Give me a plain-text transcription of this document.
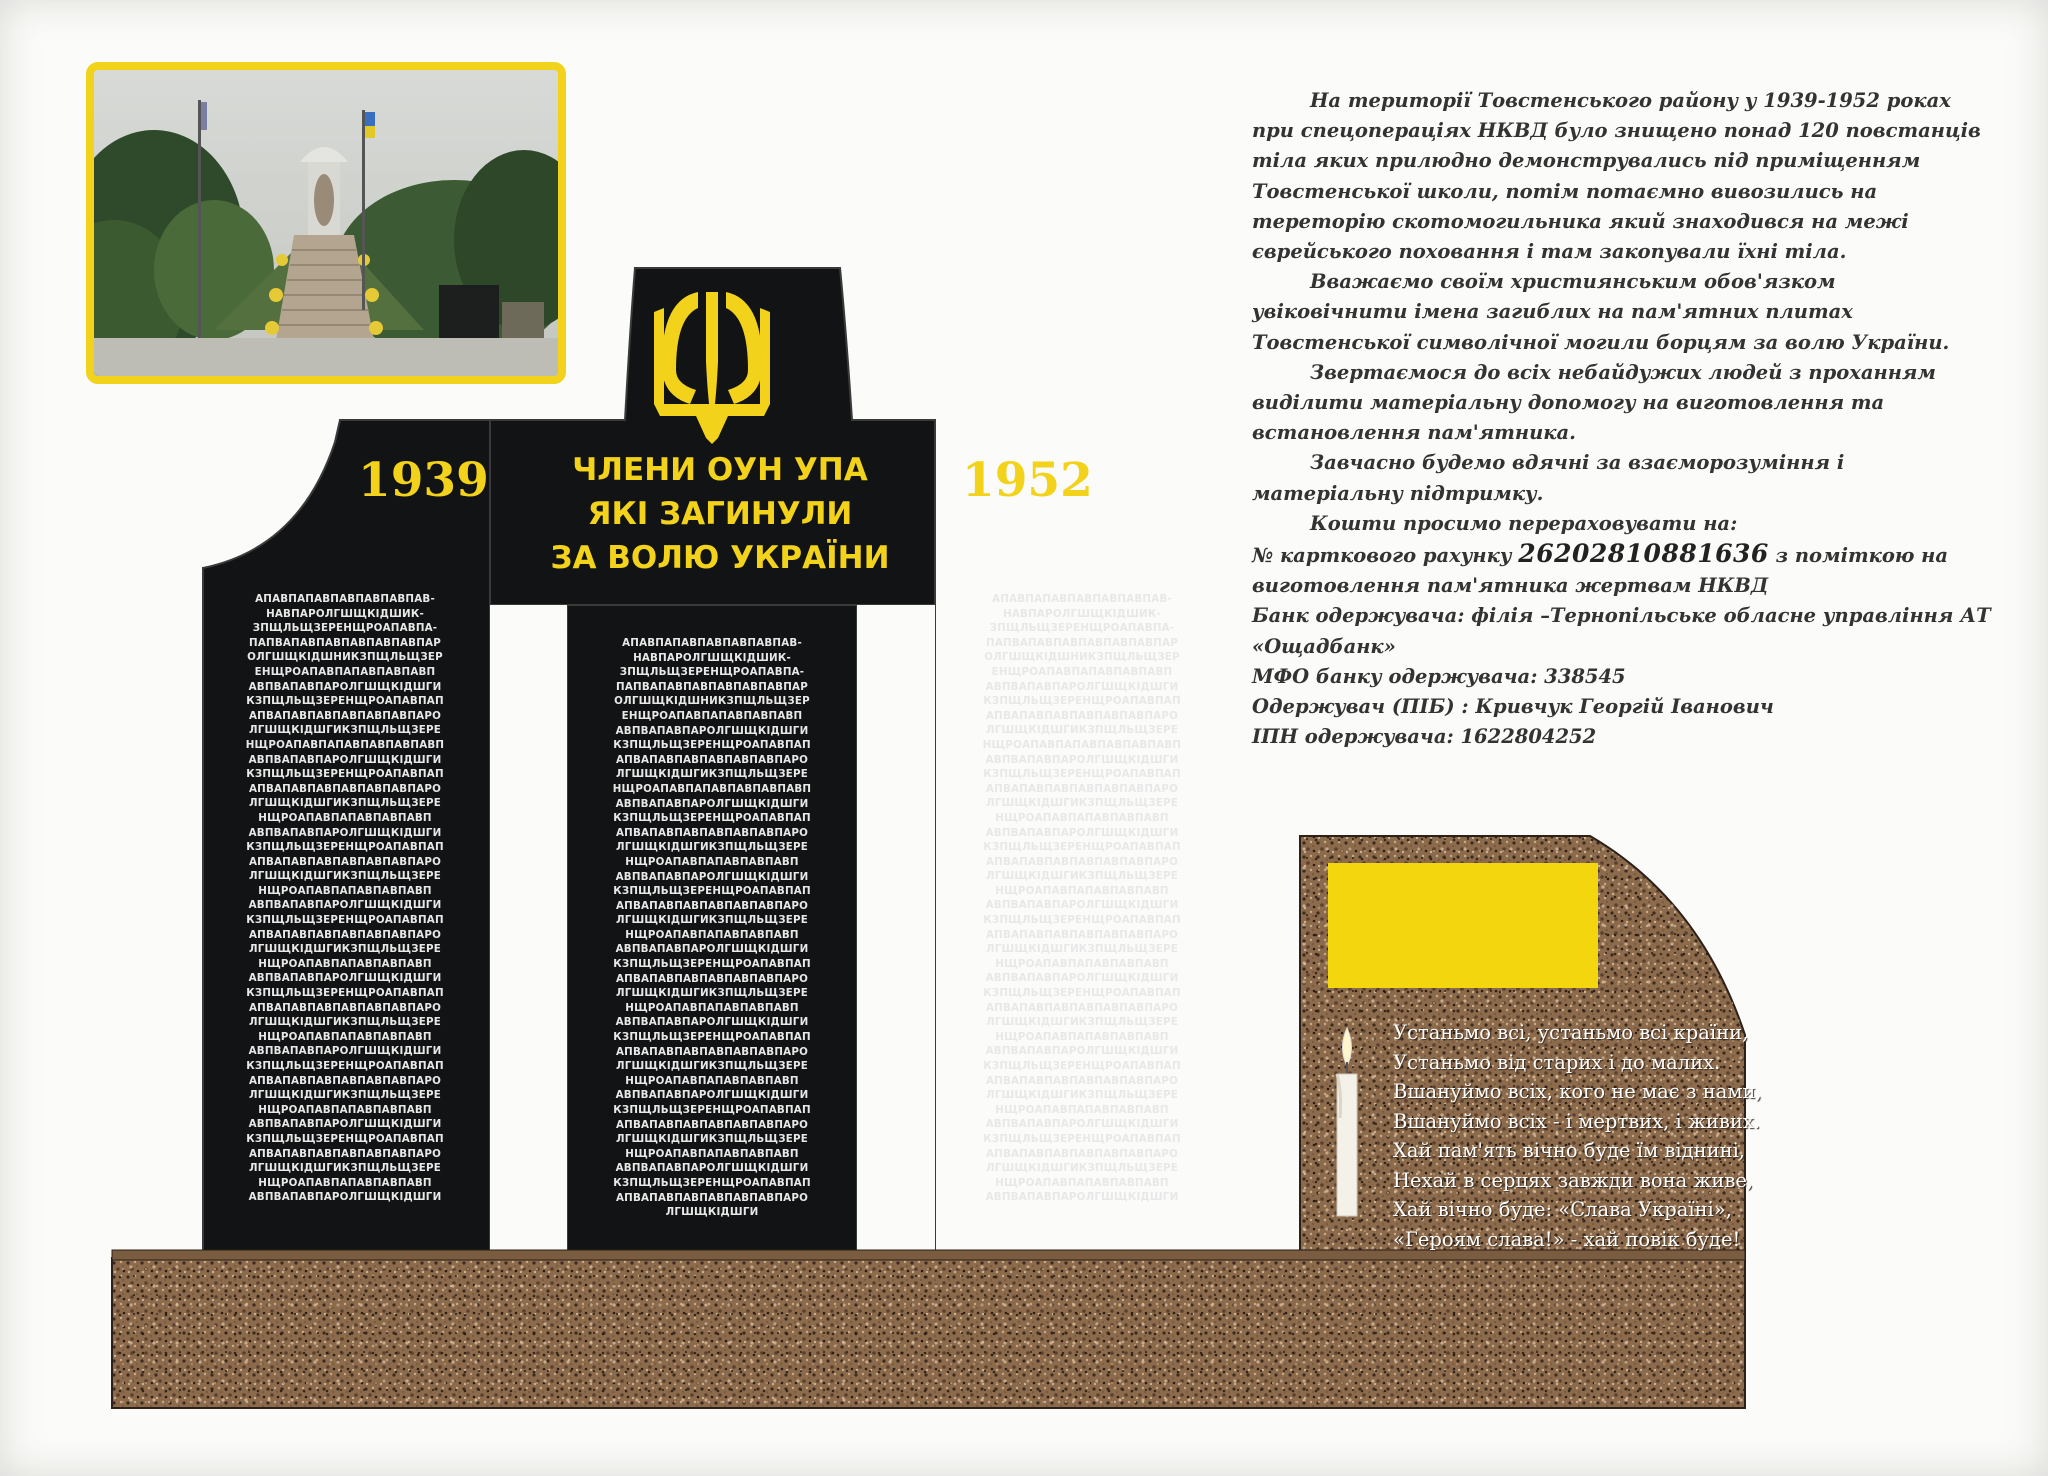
На території Товстенського району у 1939-1952 роках при спецопераціях НКВД було знищено понад 120 повстанців тіла яких прилюдно демонструвались під приміщенням Товстенської школи, потім потаємно вивозились на тереторію скотомогильника який знаходився на межі єврейського поховання і там закопували їхні тіла.

Вважаємо своїм християнським обов'язком увіковічнити імена загиблих на пам'ятних плитах Товстенської символічної могили борцям за волю України.

Звертаємося до всіх небайдужих людей з проханням виділити матеріальну допомогу на виготовлення та встановлення пам'ятника.

Завчасно будемо вдячні за взаєморозуміння і матеріальну підтримку.

Кошти просимо перераховувати на:

№ карткового рахунку 26202810881636 з поміткою на

виготовлення пам'ятника жертвам НКВД

Банк одержувача: філія –Тернопільське обласне управління АТ

«Ощадбанк»

МФО банку одержувача: 338545

Одержувач (ПІБ) : Кривчук Георгій Іванович

ІПН одержувача: 1622804252

1939	1952
ЧЛЕНИ ОУН УПА
ЯКІ ЗАГИНУЛИ
ЗА ВОЛЮ УКРАЇНИ
АПАВПАПАВПАВПАВПАВПАВ-
НАВПАРОЛГШЩКІДШИК-
ЗПЩЛЬЩЗЕРЕНЩРОАПАВПА-
ПАПВАПАВПАВПАВПАВПАВПАР
ОЛГШЩКІДШНИКЗПЩЛЬЩЗЕР
ЕНЩРОАПАВПАПАВПАВПАВП
АВПВАПАВПАРОЛГШЩКІДШГИ
КЗПЩЛЬЩЗЕРЕНЩРОАПАВПАП
АПВАПАВПАВПАВПАВПАВПАРО
ЛГШЩКІДШГИКЗПЩЛЬЩЗЕРЕ
НЩРОАПАВПАПАВПАВПАВПАВП
АВПВАПАВПАРОЛГШЩКІДШГИ
КЗПЩЛЬЩЗЕРЕНЩРОАПАВПАП
АПВАПАВПАВПАВПАВПАВПАРО
ЛГШЩКІДШГИКЗПЩЛЬЩЗЕРЕ
НЩРОАПАВПАПАВПАВПАВП
АВПВАПАВПАРОЛГШЩКІДШГИ
КЗПЩЛЬЩЗЕРЕНЩРОАПАВПАП
АПВАПАВПАВПАВПАВПАВПАРО
ЛГШЩКІДШГИКЗПЩЛЬЩЗЕРЕ
НЩРОАПАВПАПАВПАВПАВП
АВПВАПАВПАРОЛГШЩКІДШГИ
КЗПЩЛЬЩЗЕРЕНЩРОАПАВПАП
АПВАПАВПАВПАВПАВПАВПАРО
ЛГШЩКІДШГИКЗПЩЛЬЩЗЕРЕ
НЩРОАПАВПАПАВПАВПАВП
АВПВАПАВПАРОЛГШЩКІДШГИ
КЗПЩЛЬЩЗЕРЕНЩРОАПАВПАП
АПВАПАВПАВПАВПАВПАВПАРО
ЛГШЩКІДШГИКЗПЩЛЬЩЗЕРЕ
НЩРОАПАВПАПАВПАВПАВП
АВПВАПАВПАРОЛГШЩКІДШГИ
КЗПЩЛЬЩЗЕРЕНЩРОАПАВПАП
АПВАПАВПАВПАВПАВПАВПАРО
ЛГШЩКІДШГИКЗПЩЛЬЩЗЕРЕ
НЩРОАПАВПАПАВПАВПАВП
АВПВАПАВПАРОЛГШЩКІДШГИ
КЗПЩЛЬЩЗЕРЕНЩРОАПАВПАП
АПВАПАВПАВПАВПАВПАВПАРО
ЛГШЩКІДШГИКЗПЩЛЬЩЗЕРЕ
НЩРОАПАВПАПАВПАВПАВП
АВПВАПАВПАРОЛГШЩКІДШГИ
АПАВПАПАВПАВПАВПАВПАВ-
НАВПАРОЛГШЩКІДШИК-
ЗПЩЛЬЩЗЕРЕНЩРОАПАВПА-
ПАПВАПАВПАВПАВПАВПАВПАР
ОЛГШЩКІДШНИКЗПЩЛЬЩЗЕР
ЕНЩРОАПАВПАПАВПАВПАВП
АВПВАПАВПАРОЛГШЩКІДШГИ
КЗПЩЛЬЩЗЕРЕНЩРОАПАВПАП
АПВАПАВПАВПАВПАВПАВПАРО
ЛГШЩКІДШГИКЗПЩЛЬЩЗЕРЕ
НЩРОАПАВПАПАВПАВПАВПАВП
АВПВАПАВПАРОЛГШЩКІДШГИ
КЗПЩЛЬЩЗЕРЕНЩРОАПАВПАП
АПВАПАВПАВПАВПАВПАВПАРО
ЛГШЩКІДШГИКЗПЩЛЬЩЗЕРЕ
НЩРОАПАВПАПАВПАВПАВП
АВПВАПАВПАРОЛГШЩКІДШГИ
КЗПЩЛЬЩЗЕРЕНЩРОАПАВПАП
АПВАПАВПАВПАВПАВПАВПАРО
ЛГШЩКІДШГИКЗПЩЛЬЩЗЕРЕ
НЩРОАПАВПАПАВПАВПАВП
АВПВАПАВПАРОЛГШЩКІДШГИ
КЗПЩЛЬЩЗЕРЕНЩРОАПАВПАП
АПВАПАВПАВПАВПАВПАВПАРО
ЛГШЩКІДШГИКЗПЩЛЬЩЗЕРЕ
НЩРОАПАВПАПАВПАВПАВП
АВПВАПАВПАРОЛГШЩКІДШГИ
КЗПЩЛЬЩЗЕРЕНЩРОАПАВПАП
АПВАПАВПАВПАВПАВПАВПАРО
ЛГШЩКІДШГИКЗПЩЛЬЩЗЕРЕ
НЩРОАПАВПАПАВПАВПАВП
АВПВАПАВПАРОЛГШЩКІДШГИ
КЗПЩЛЬЩЗЕРЕНЩРОАПАВПАП
АПВАПАВПАВПАВПАВПАВПАРО
ЛГШЩКІДШГИКЗПЩЛЬЩЗЕРЕ
НЩРОАПАВПАПАВПАВПАВП
АВПВАПАВПАРОЛГШЩКІДШГИ
КЗПЩЛЬЩЗЕРЕНЩРОАПАВПАП
АПВАПАВПАВПАВПАВПАВПАРО
ЛГШЩКІДШГИ
АПАВПАПАВПАВПАВПАВПАВ-
НАВПАРОЛГШЩКІДШИК-
ЗПЩЛЬЩЗЕРЕНЩРОАПАВПА-
ПАПВАПАВПАВПАВПАВПАВПАР
ОЛГШЩКІДШНИКЗПЩЛЬЩЗЕР
ЕНЩРОАПАВПАПАВПАВПАВП
АВПВАПАВПАРОЛГШЩКІДШГИ
КЗПЩЛЬЩЗЕРЕНЩРОАПАВПАП
АПВАПАВПАВПАВПАВПАВПАРО
ЛГШЩКІДШГИКЗПЩЛЬЩЗЕРЕ
НЩРОАПАВПАПАВПАВПАВПАВП
АВПВАПАВПАРОЛГШЩКІДШГИ
КЗПЩЛЬЩЗЕРЕНЩРОАПАВПАП
АПВАПАВПАВПАВПАВПАВПАРО
ЛГШЩКІДШГИКЗПЩЛЬЩЗЕРЕ
НЩРОАПАВПАПАВПАВПАВП
АВПВАПАВПАРОЛГШЩКІДШГИ
КЗПЩЛЬЩЗЕРЕНЩРОАПАВПАП
АПВАПАВПАВПАВПАВПАВПАРО
ЛГШЩКІДШГИКЗПЩЛЬЩЗЕРЕ
НЩРОАПАВПАПАВПАВПАВП
АВПВАПАВПАРОЛГШЩКІДШГИ
КЗПЩЛЬЩЗЕРЕНЩРОАПАВПАП
АПВАПАВПАВПАВПАВПАВПАРО
ЛГШЩКІДШГИКЗПЩЛЬЩЗЕРЕ
НЩРОАПАВПАПАВПАВПАВП
АВПВАПАВПАРОЛГШЩКІДШГИ
КЗПЩЛЬЩЗЕРЕНЩРОАПАВПАП
АПВАПАВПАВПАВПАВПАВПАРО
ЛГШЩКІДШГИКЗПЩЛЬЩЗЕРЕ
НЩРОАПАВПАПАВПАВПАВП
АВПВАПАВПАРОЛГШЩКІДШГИ
КЗПЩЛЬЩЗЕРЕНЩРОАПАВПАП
АПВАПАВПАВПАВПАВПАВПАРО
ЛГШЩКІДШГИКЗПЩЛЬЩЗЕРЕ
НЩРОАПАВПАПАВПАВПАВП
АВПВАПАВПАРОЛГШЩКІДШГИ
КЗПЩЛЬЩЗЕРЕНЩРОАПАВПАП
АПВАПАВПАВПАВПАВПАВПАРО
ЛГШЩКІДШГИКЗПЩЛЬЩЗЕРЕ
НЩРОАПАВПАПАВПАВПАВП
АВПВАПАВПАРОЛГШЩКІДШГИ
Устаньмо всі, устаньмо всі країни,
Устаньмо від старих і до малих.
Вшануймо всіх, кого не має з нами,
Вшануймо всіх - і мертвих, і живих.
Хай пам'ять вічно буде їм віднині,
Нехай в серцях завжди вона живе,
Хай вічно буде: «Слава Україні»,
«Героям слава!» - хай повік буде!
